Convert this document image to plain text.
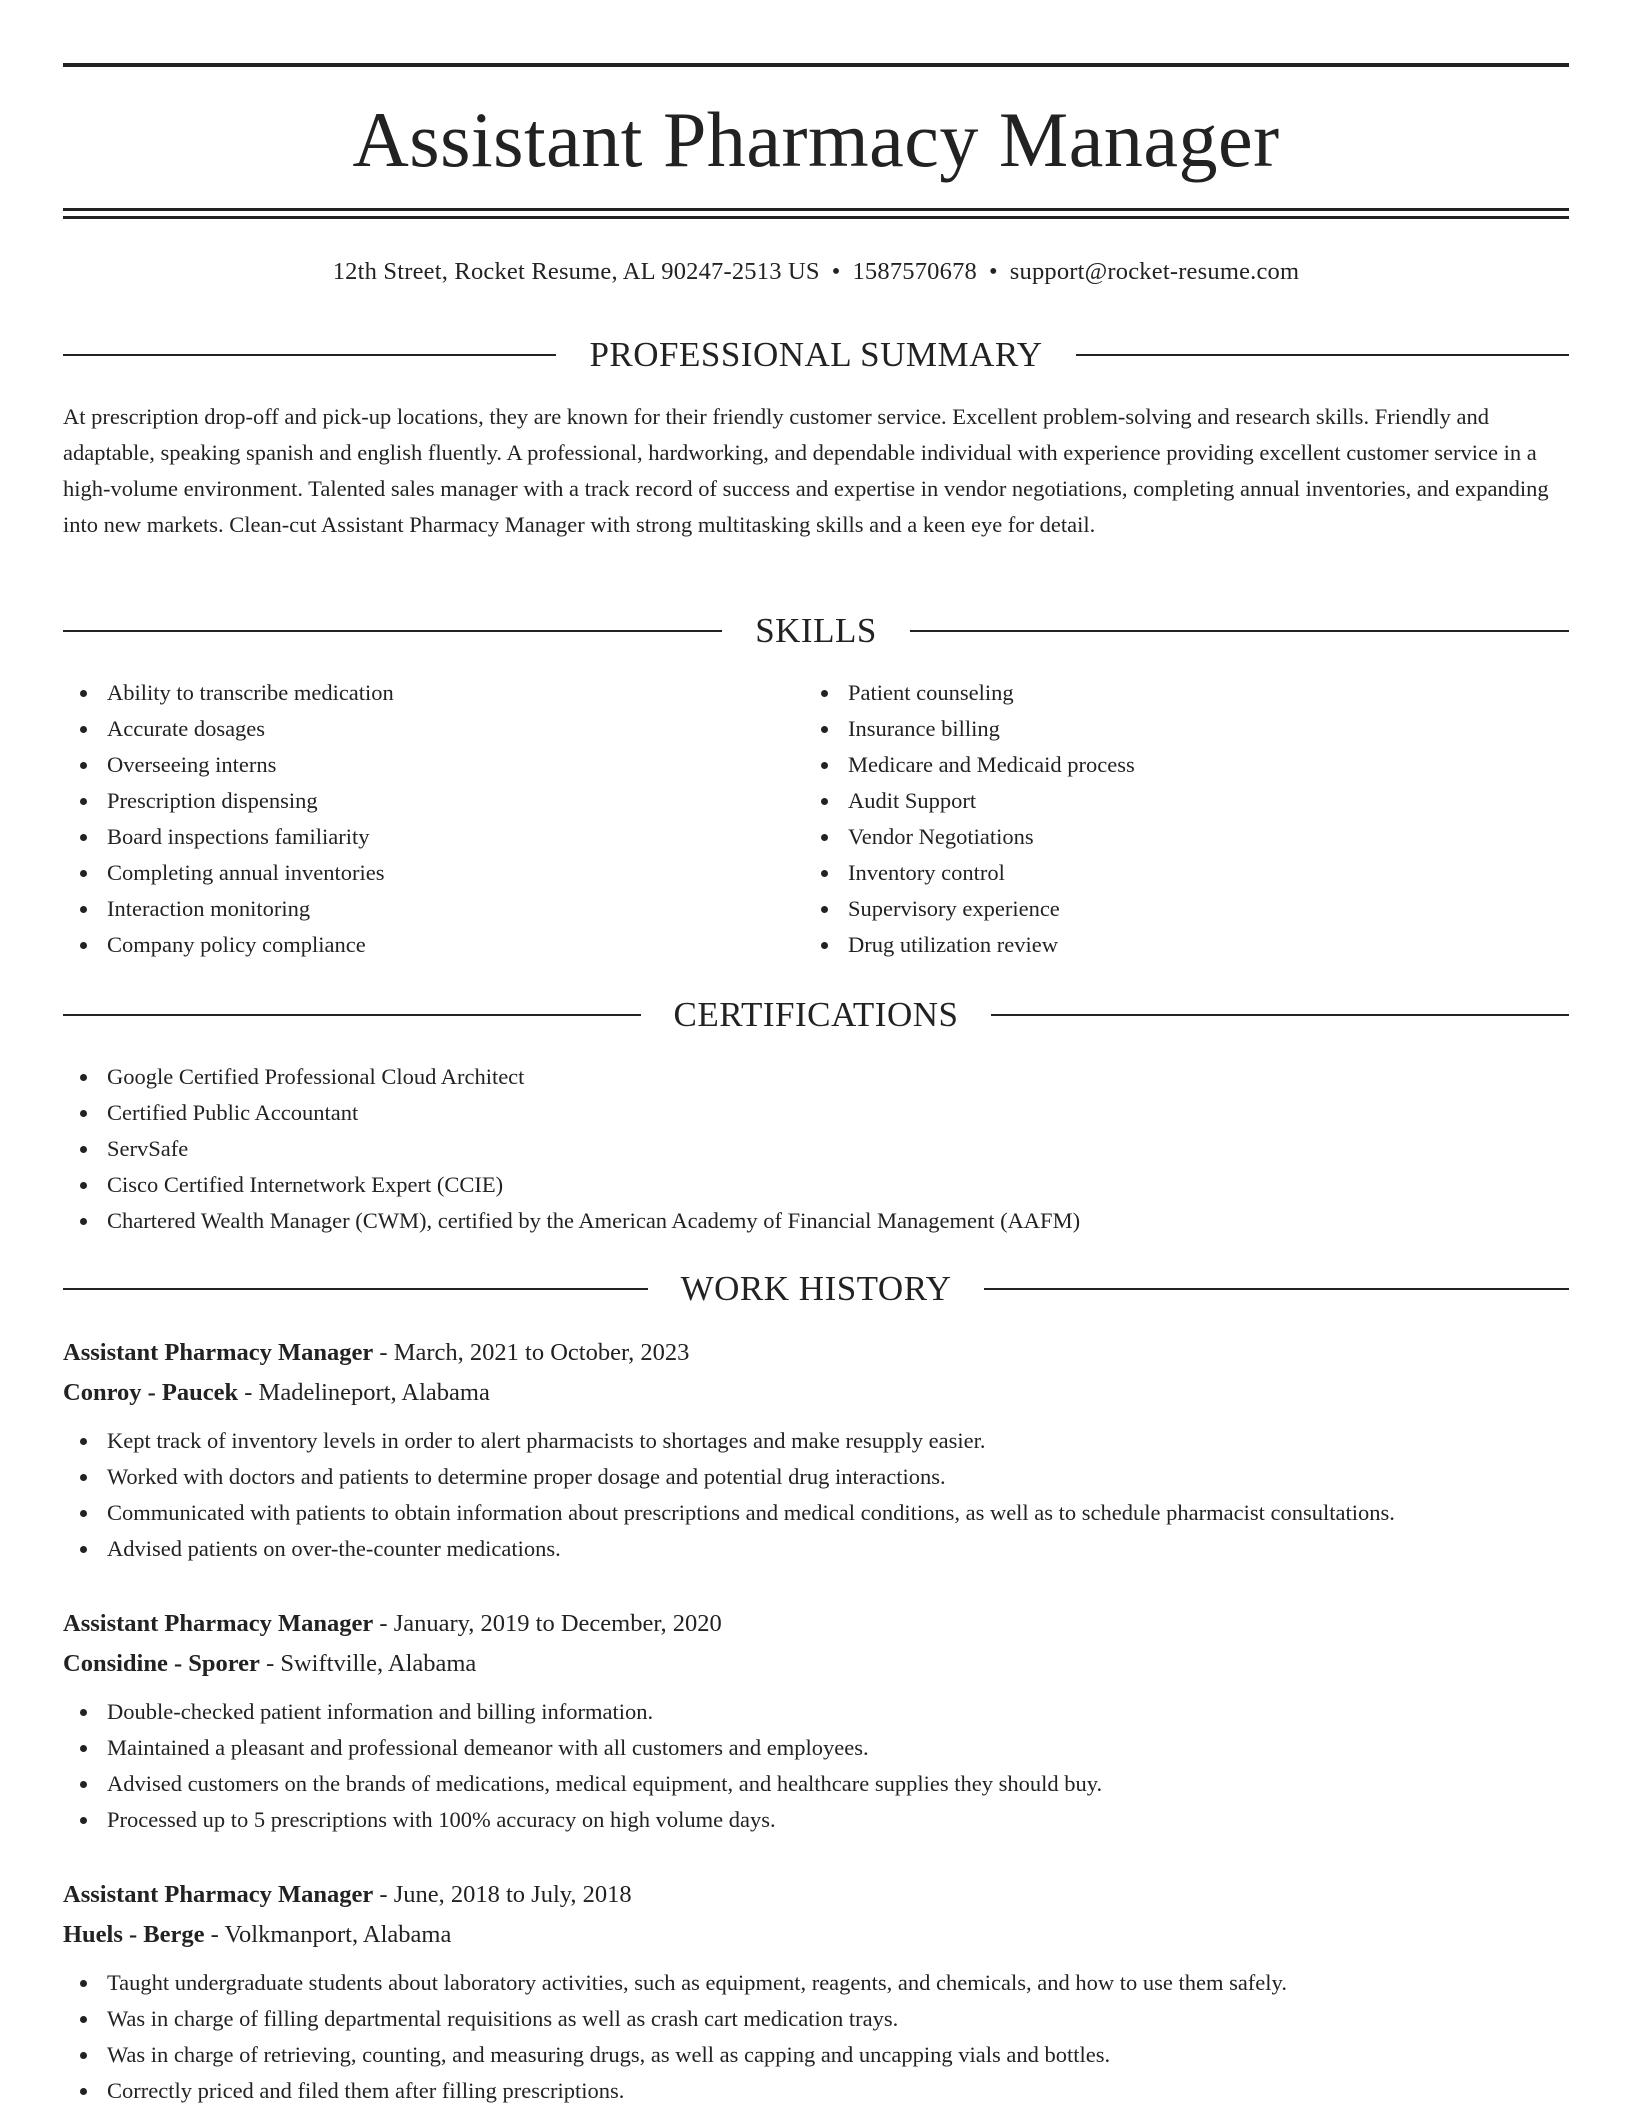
Assistant Pharmacy Manager
12th Street, Rocket Resume, AL 90247-2513 US • 1587570678 • support@rocket-resume.com
PROFESSIONAL SUMMARY

At prescription drop-off and pick-up locations, they are known for their friendly customer service. Excellent problem-solving and research skills. Friendly and adaptable, speaking spanish and english fluently. A professional, hardworking, and dependable individual with experience providing excellent customer service in a high-volume environment. Talented sales manager with a track record of success and expertise in vendor negotiations, completing annual inventories, and expanding into new markets. Clean-cut Assistant Pharmacy Manager with strong multitasking skills and a keen eye for detail.

SKILLS
Ability to transcribe medication
Accurate dosages
Overseeing interns
Prescription dispensing
Board inspections familiarity
Completing annual inventories
Interaction monitoring
Company policy compliance
Patient counseling
Insurance billing
Medicare and Medicaid process
Audit Support
Vendor Negotiations
Inventory control
Supervisory experience
Drug utilization review
CERTIFICATIONS
Google Certified Professional Cloud Architect
Certified Public Accountant
ServSafe
Cisco Certified Internetwork Expert (CCIE)
Chartered Wealth Manager (CWM), certified by the American Academy of Financial Management (AAFM)
WORK HISTORY
Assistant Pharmacy Manager - March, 2021 to October, 2023
Conroy - Paucek - Madelineport, Alabama
Kept track of inventory levels in order to alert pharmacists to shortages and make resupply easier.
Worked with doctors and patients to determine proper dosage and potential drug interactions.
Communicated with patients to obtain information about prescriptions and medical conditions, as well as to schedule pharmacist consultations.
Advised patients on over-the-counter medications.
Assistant Pharmacy Manager - January, 2019 to December, 2020
Considine - Sporer - Swiftville, Alabama
Double-checked patient information and billing information.
Maintained a pleasant and professional demeanor with all customers and employees.
Advised customers on the brands of medications, medical equipment, and healthcare supplies they should buy.
Processed up to 5 prescriptions with 100% accuracy on high volume days.
Assistant Pharmacy Manager - June, 2018 to July, 2018
Huels - Berge - Volkmanport, Alabama
Taught undergraduate students about laboratory activities, such as equipment, reagents, and chemicals, and how to use them safely.
Was in charge of filling departmental requisitions as well as crash cart medication trays.
Was in charge of retrieving, counting, and measuring drugs, as well as capping and uncapping vials and bottles.
Correctly priced and filed them after filling prescriptions.
